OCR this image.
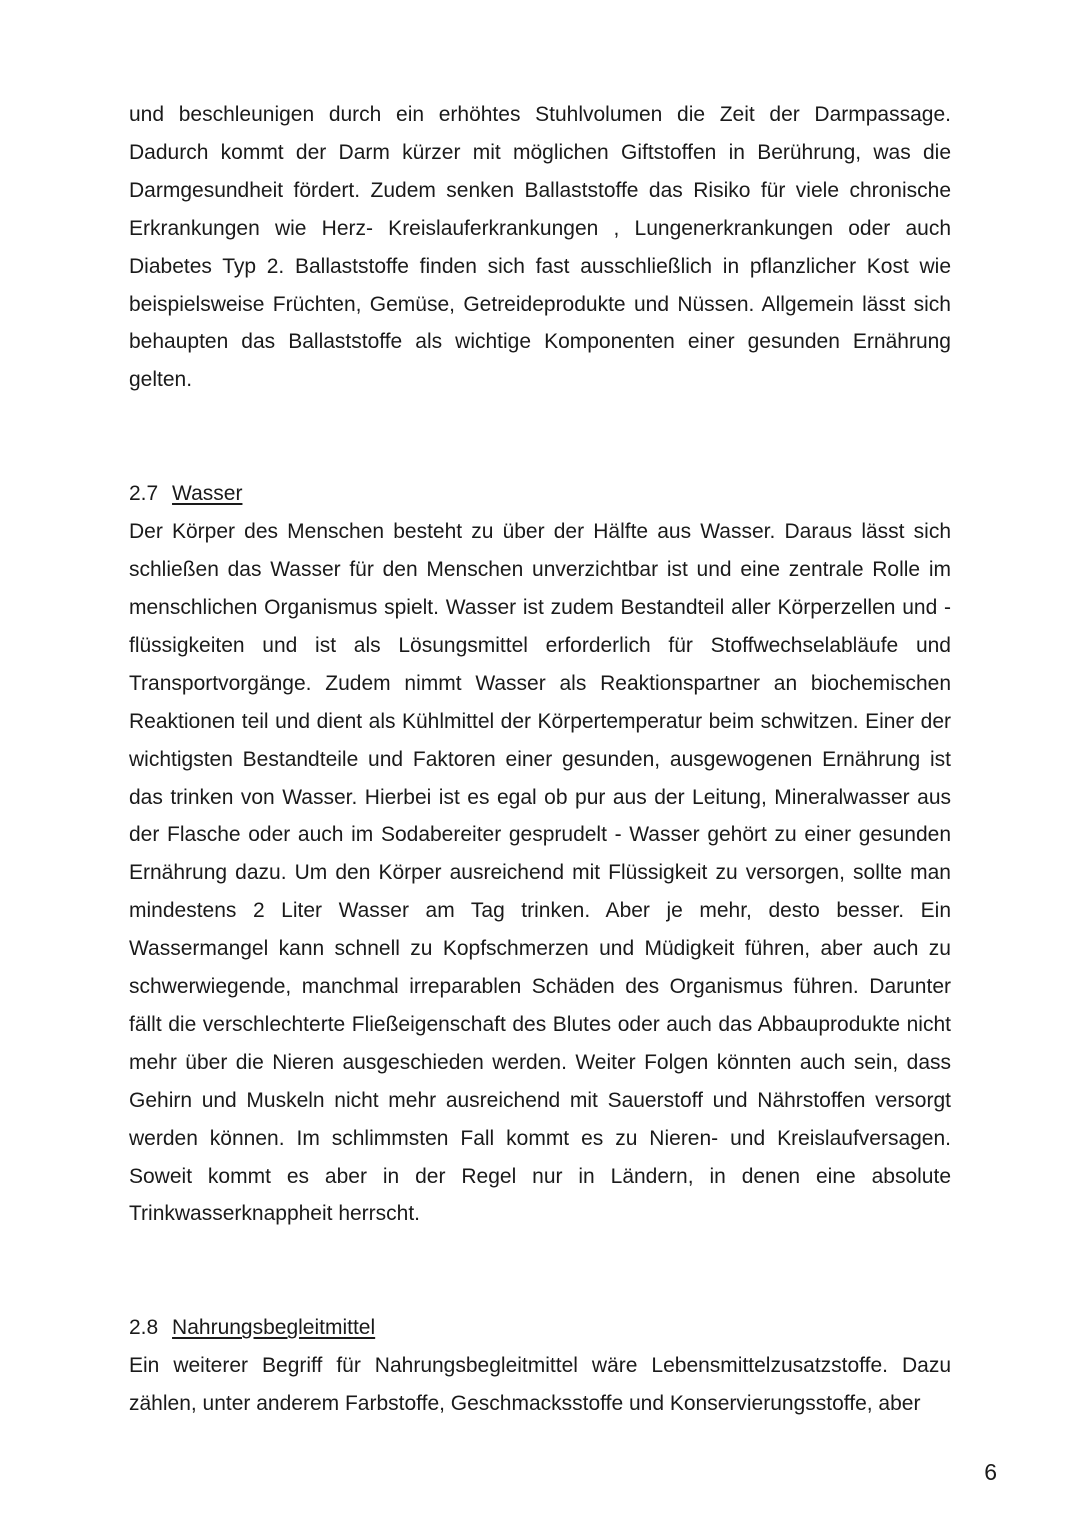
und beschleunigen durch ein erhöhtes Stuhlvolumen die Zeit der Darmpassage. Dadurch kommt der Darm kürzer mit möglichen Giftstoffen in Berührung, was die Darmgesundheit fördert. Zudem senken Ballaststoffe das Risiko für viele chronische Erkrankungen wie Herz- Kreislauferkrankungen , Lungenerkrankungen oder auch Diabetes Typ 2. Ballaststoffe finden sich fast ausschließlich in pflanzlicher Kost wie beispielsweise Früchten, Gemüse, Getreideprodukte und Nüssen. Allgemein lässt sich behaupten das Ballaststoffe als wichtige Komponenten einer gesunden Ernährung gelten.

2.7 Wasser

Der Körper des Menschen besteht zu über der Hälfte aus Wasser. Daraus lässt sich schließen das Wasser für den Menschen unverzichtbar ist und eine zentrale Rolle im menschlichen Organismus spielt. Wasser ist zudem Bestandteil aller Körperzellen und -flüssigkeiten und ist als Lösungsmittel erforderlich für Stoffwechselabläufe und Transportvorgänge. Zudem nimmt Wasser als Reaktionspartner an biochemischen Reaktionen teil und dient als Kühlmittel der Körpertemperatur beim schwitzen. Einer der wichtigsten Bestandteile und Faktoren einer gesunden, ausgewogenen Ernährung ist das trinken von Wasser. Hierbei ist es egal ob pur aus der Leitung, Mineralwasser aus der Flasche oder auch im Sodabereiter gesprudelt - Wasser gehört zu einer gesunden Ernährung dazu. Um den Körper ausreichend mit Flüssigkeit zu versorgen, sollte man mindestens 2 Liter Wasser am Tag trinken. Aber je mehr, desto besser. Ein Wassermangel kann schnell zu Kopfschmerzen und Müdigkeit führen, aber auch zu schwerwiegende, manchmal irreparablen Schäden des Organismus führen. Darunter fällt die verschlechterte Fließeigenschaft des Blutes oder auch das Abbauprodukte nicht mehr über die Nieren ausgeschieden werden. Weiter Folgen könnten auch sein, dass Gehirn und Muskeln nicht mehr ausreichend mit Sauerstoff und Nährstoffen versorgt werden können. Im schlimmsten Fall kommt es zu Nieren- und Kreislaufversagen. Soweit kommt es aber in der Regel nur in Ländern, in denen eine absolute Trinkwasserknappheit herrscht.

2.8 Nahrungsbegleitmittel

Ein weiterer Begriff für Nahrungsbegleitmittel wäre Lebensmittelzusatzstoffe. Dazu zählen, unter anderem Farbstoffe, Geschmacksstoffe und Konservierungsstoffe, aber

6
